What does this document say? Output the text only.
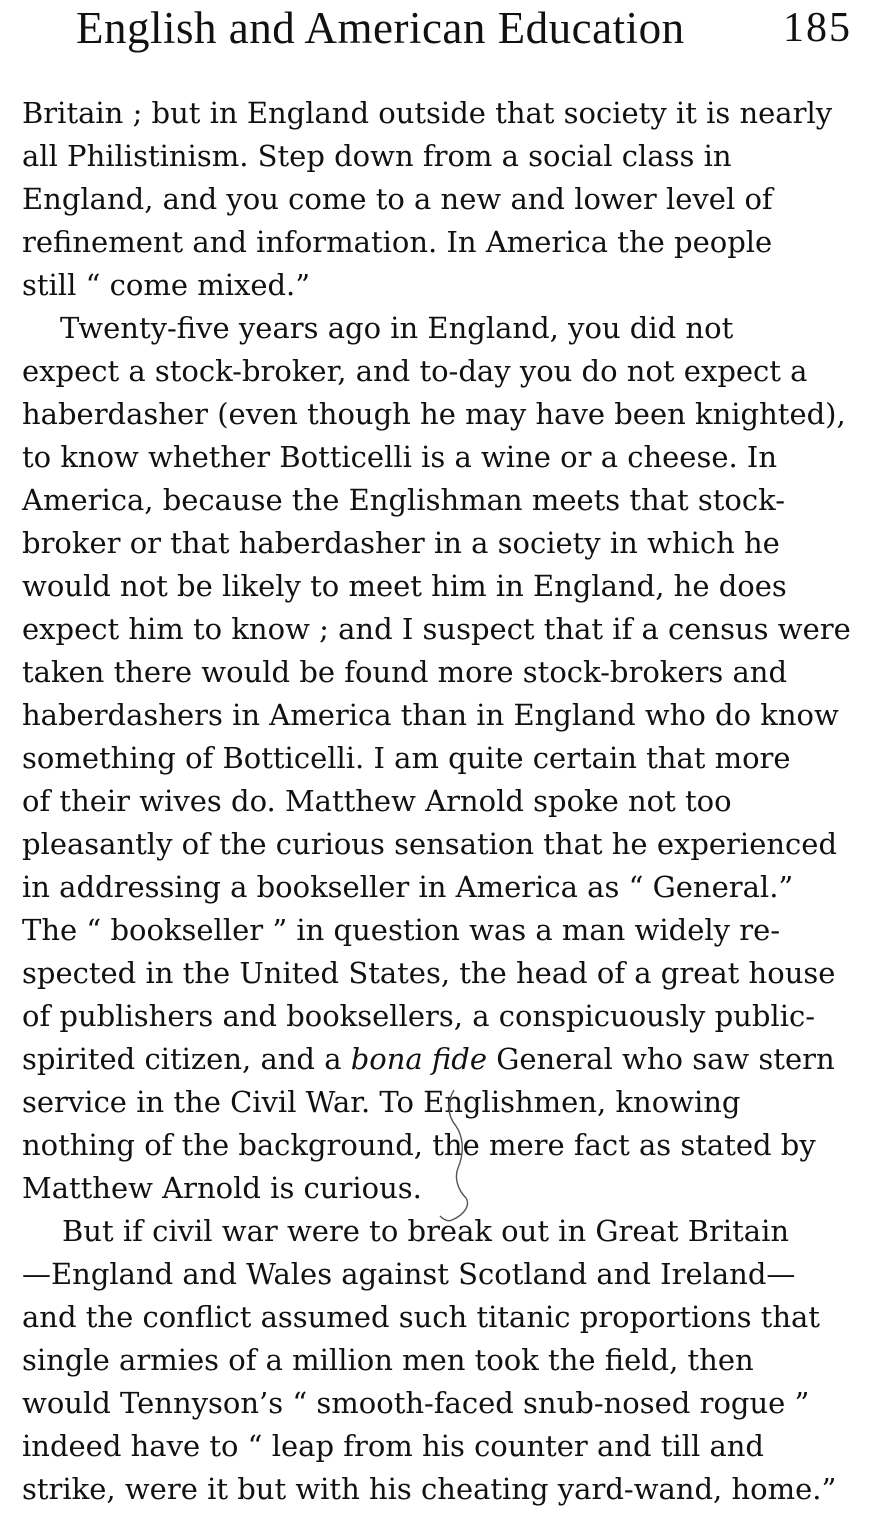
English and American Education 185
Britain ; but in England outside that society it is nearly
all Philistinism. Step down from a social class in
England, and you come to a new and lower level of
refinement and information. In America the people
still “ come mixed.”
Twenty-five years ago in England, you did not
expect a stock-broker, and to-day you do not expect a
haberdasher (even though he may have been knighted),
to know whether Botticelli is a wine or a cheese. In
America, because the Englishman meets that stock-
broker or that haberdasher in a society in which he
would not be likely to meet him in England, he does
expect him to know ; and I suspect that if a census were
taken there would be found more stock-brokers and
haberdashers in America than in England who do know
something of Botticelli. I am quite certain that more
of their wives do. Matthew Arnold spoke not too
pleasantly of the curious sensation that he experienced
in addressing a bookseller in America as “ General.”
The “ bookseller ” in question was a man widely re-
spected in the United States, the head of a great house
of publishers and booksellers, a conspicuously public-
spirited citizen, and a bona fide General who saw stern
service in the Civil War. To Englishmen, knowing
nothing of the background, the mere fact as stated by
Matthew Arnold is curious.
But if civil war were to break out in Great Britain
—England and Wales against Scotland and Ireland—
and the conflict assumed such titanic proportions that
single armies of a million men took the field, then
would Tennyson’s “ smooth-faced snub-nosed rogue ”
indeed have to “ leap from his counter and till and
strike, were it but with his cheating yard-wand, home.”
